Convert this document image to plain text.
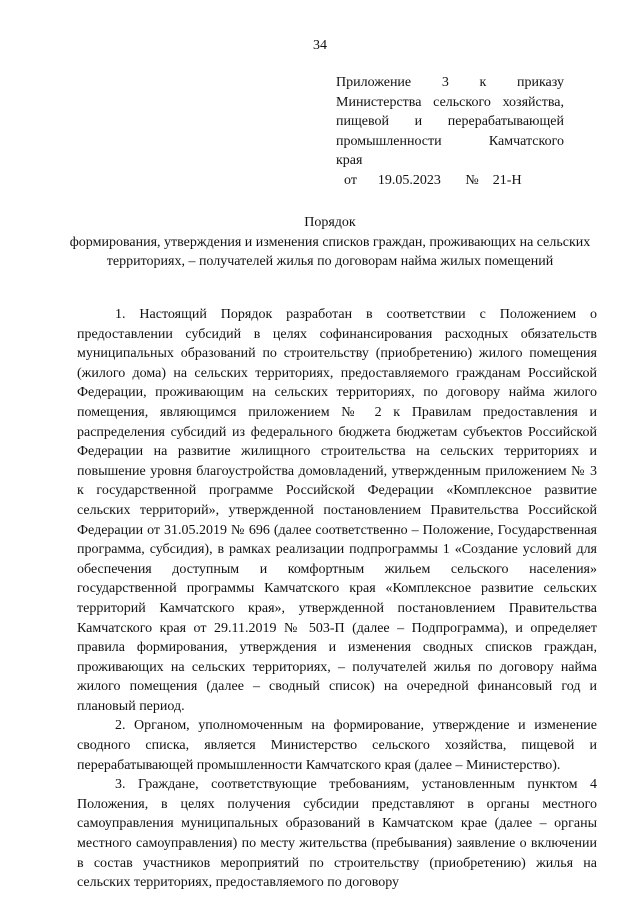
34
Приложение 3 к приказу
Министерства сельского хозяйства,
пищевой и перерабатывающей
промышленности Камчатского
края
от      19.05.2023       №    21-Н
Порядок
формирования, утверждения и изменения списков граждан, проживающих на сельских территориях, – получателей жилья по договорам найма жилых помещений

1. Настоящий Порядок разработан в соответствии с Положением о предоставлении субсидий в целях софинансирования расходных обязательств муниципальных образований по строительству (приобретению) жилого помещения (жилого дома) на сельских территориях, предоставляемого гражданам Российской Федерации, проживающим на сельских территориях, по договору найма жилого помещения, являющимся приложением № 2 к Правилам предоставления и распределения субсидий из федерального бюджета бюджетам субъектов Российской Федерации на развитие жилищного строительства на сельских территориях и повышение уровня благоустройства домовладений, утвержденным приложением № 3 к государственной программе Российской Федерации «Комплексное развитие сельских территорий», утвержденной постановлением Правительства Российской Федерации от 31.05.2019 № 696 (далее соответственно – Положение, Государственная программа, субсидия), в рамках реализации подпрограммы 1 «Создание условий для обеспечения доступным и комфортным жильем сельского населения» государственной программы Камчатского края «Комплексное развитие сельских территорий Камчатского края», утвержденной постановлением Правительства Камчатского края от 29.11.2019 № 503-П (далее – Подпрограмма), и определяет правила формирования, утверждения и изменения сводных списков граждан, проживающих на сельских территориях, – получателей жилья по договору найма жилого помещения (далее – сводный список) на очередной финансовый год и плановый период.

2. Органом, уполномоченным на формирование, утверждение и изменение сводного списка, является Министерство сельского хозяйства, пищевой и перерабатывающей промышленности Камчатского края (далее – Министерство).

3. Граждане, соответствующие требованиям, установленным пунктом 4 Положения, в целях получения субсидии представляют в органы местного самоуправления муниципальных образований в Камчатском крае (далее – органы местного самоуправления) по месту жительства (пребывания) заявление о включении в состав участников мероприятий по строительству (приобретению) жилья на сельских территориях, предоставляемого по договору
